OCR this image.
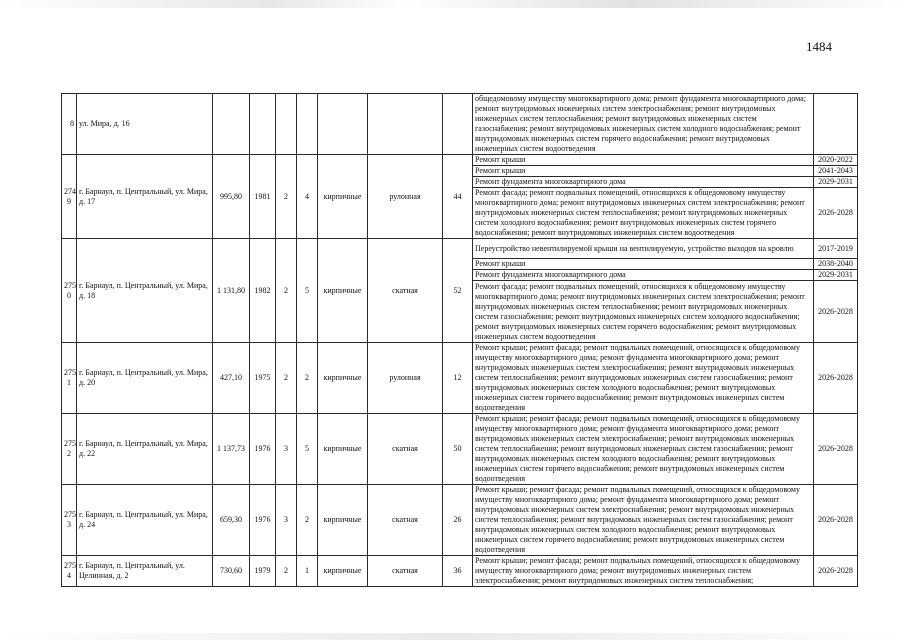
1484
8	ул. Мира, д. 16								общедомовому имуществу многоквартирного дома; ремонт фундамента многоквартирного дома; ремонт внутридомовых инженерных систем электроснабжения; ремонт внутридомовых инженерных систем теплоснабжения; ремонт внутридомовых инженерных систем газоснабжения; ремонт внутридомовых инженерных систем холодного водоснабжения; ремонт внутридомовых инженерных систем горячего водоснабжения; ремонт внутридомовых инженерных систем водоотведения	
274
9	г. Барнаул, п. Центральный, ул. Мира, д. 17	995,80	1981	2	4	кирпичные	рулонная	44	Ремонт крыши	2020-2022
									Ремонт крыши	2041-2043
									Ремонт фундамента многоквартирного дома	2029-2031
									Ремонт фасада; ремонт подвальных помещений, относящихся к общедомовому имуществу многоквартирного дома; ремонт внутридомовых инженерных систем электроснабжения; ремонт внутридомовых инженерных систем теплоснабжения; ремонт внутридомовых инженерных систем холодного водоснабжения; ремонт внутридомовых инженерных систем горячего водоснабжения; ремонт внутридомовых инженерных систем водоотведения	2026-2028
275
0	г. Барнаул, п. Центральный, ул. Мира, д. 18	1 131,80	1982	2	5	кирпичные	скатная	52	Переустройство невентилируемой крыши на вентилируемую, устройство выходов на кровлю	2017-2019
									Ремонт крыши	2038-2040
									Ремонт фундамента многоквартирного дома	2029-2031
									Ремонт фасада; ремонт подвальных помещений, относящихся к общедомовому имуществу многоквартирного дома; ремонт внутридомовых инженерных систем электроснабжения; ремонт внутридомовых инженерных систем теплоснабжения; ремонт внутридомовых инженерных систем газоснабжения; ремонт внутридомовых инженерных систем холодного водоснабжения; ремонт внутридомовых инженерных систем горячего водоснабжения; ремонт внутридомовых инженерных систем водоотведения	2026-2028
275
1	г. Барнаул, п. Центральный, ул. Мира, д. 20	427,10	1975	2	2	кирпичные	рулонная	12	Ремонт крыши; ремонт фасада; ремонт подвальных помещений, относящихся к общедомовому имуществу многоквартирного дома; ремонт фундамента многоквартирного дома; ремонт внутридомовых инженерных систем электроснабжения; ремонт внутридомовых инженерных систем теплоснабжения; ремонт внутридомовых инженерных систем газоснабжения; ремонт внутридомовых инженерных систем холодного водоснабжения; ремонт внутридомовых инженерных систем горячего водоснабжения; ремонт внутридомовых инженерных систем водоотведения	2026-2028
275
2	г. Барнаул, п. Центральный, ул. Мира, д. 22	1 137,73	1976	3	5	кирпичные	скатная	50	Ремонт крыши; ремонт фасада; ремонт подвальных помещений, относящихся к общедомовому имуществу многоквартирного дома; ремонт фундамента многоквартирного дома; ремонт внутридомовых инженерных систем электроснабжения; ремонт внутридомовых инженерных систем теплоснабжения; ремонт внутридомовых инженерных систем газоснабжения; ремонт внутридомовых инженерных систем холодного водоснабжения; ремонт внутридомовых инженерных систем горячего водоснабжения; ремонт внутридомовых инженерных систем водоотведения	2026-2028
275
3	г. Барнаул, п. Центральный, ул. Мира, д. 24	659,30	1976	3	2	кирпичные	скатная	26	Ремонт крыши; ремонт фасада; ремонт подвальных помещений, относящихся к общедомовому имуществу многоквартирного дома; ремонт фундамента многоквартирного дома; ремонт внутридомовых инженерных систем электроснабжения; ремонт внутридомовых инженерных систем теплоснабжения; ремонт внутридомовых инженерных систем газоснабжения; ремонт внутридомовых инженерных систем холодного водоснабжения; ремонт внутридомовых инженерных систем горячего водоснабжения; ремонт внутридомовых инженерных систем водоотведения	2026-2028
275
4	г. Барнаул, п. Центральный, ул. Целинная, д. 2	730,60	1979	2	1	кирпичные	скатная	36	Ремонт крыши; ремонт фасада; ремонт подвальных помещений, относящихся к общедомовому имуществу многоквартирного дома; ремонт внутридомовых инженерных систем электроснабжения; ремонт внутридомовых инженерных систем теплоснабжения;	2026-2028
